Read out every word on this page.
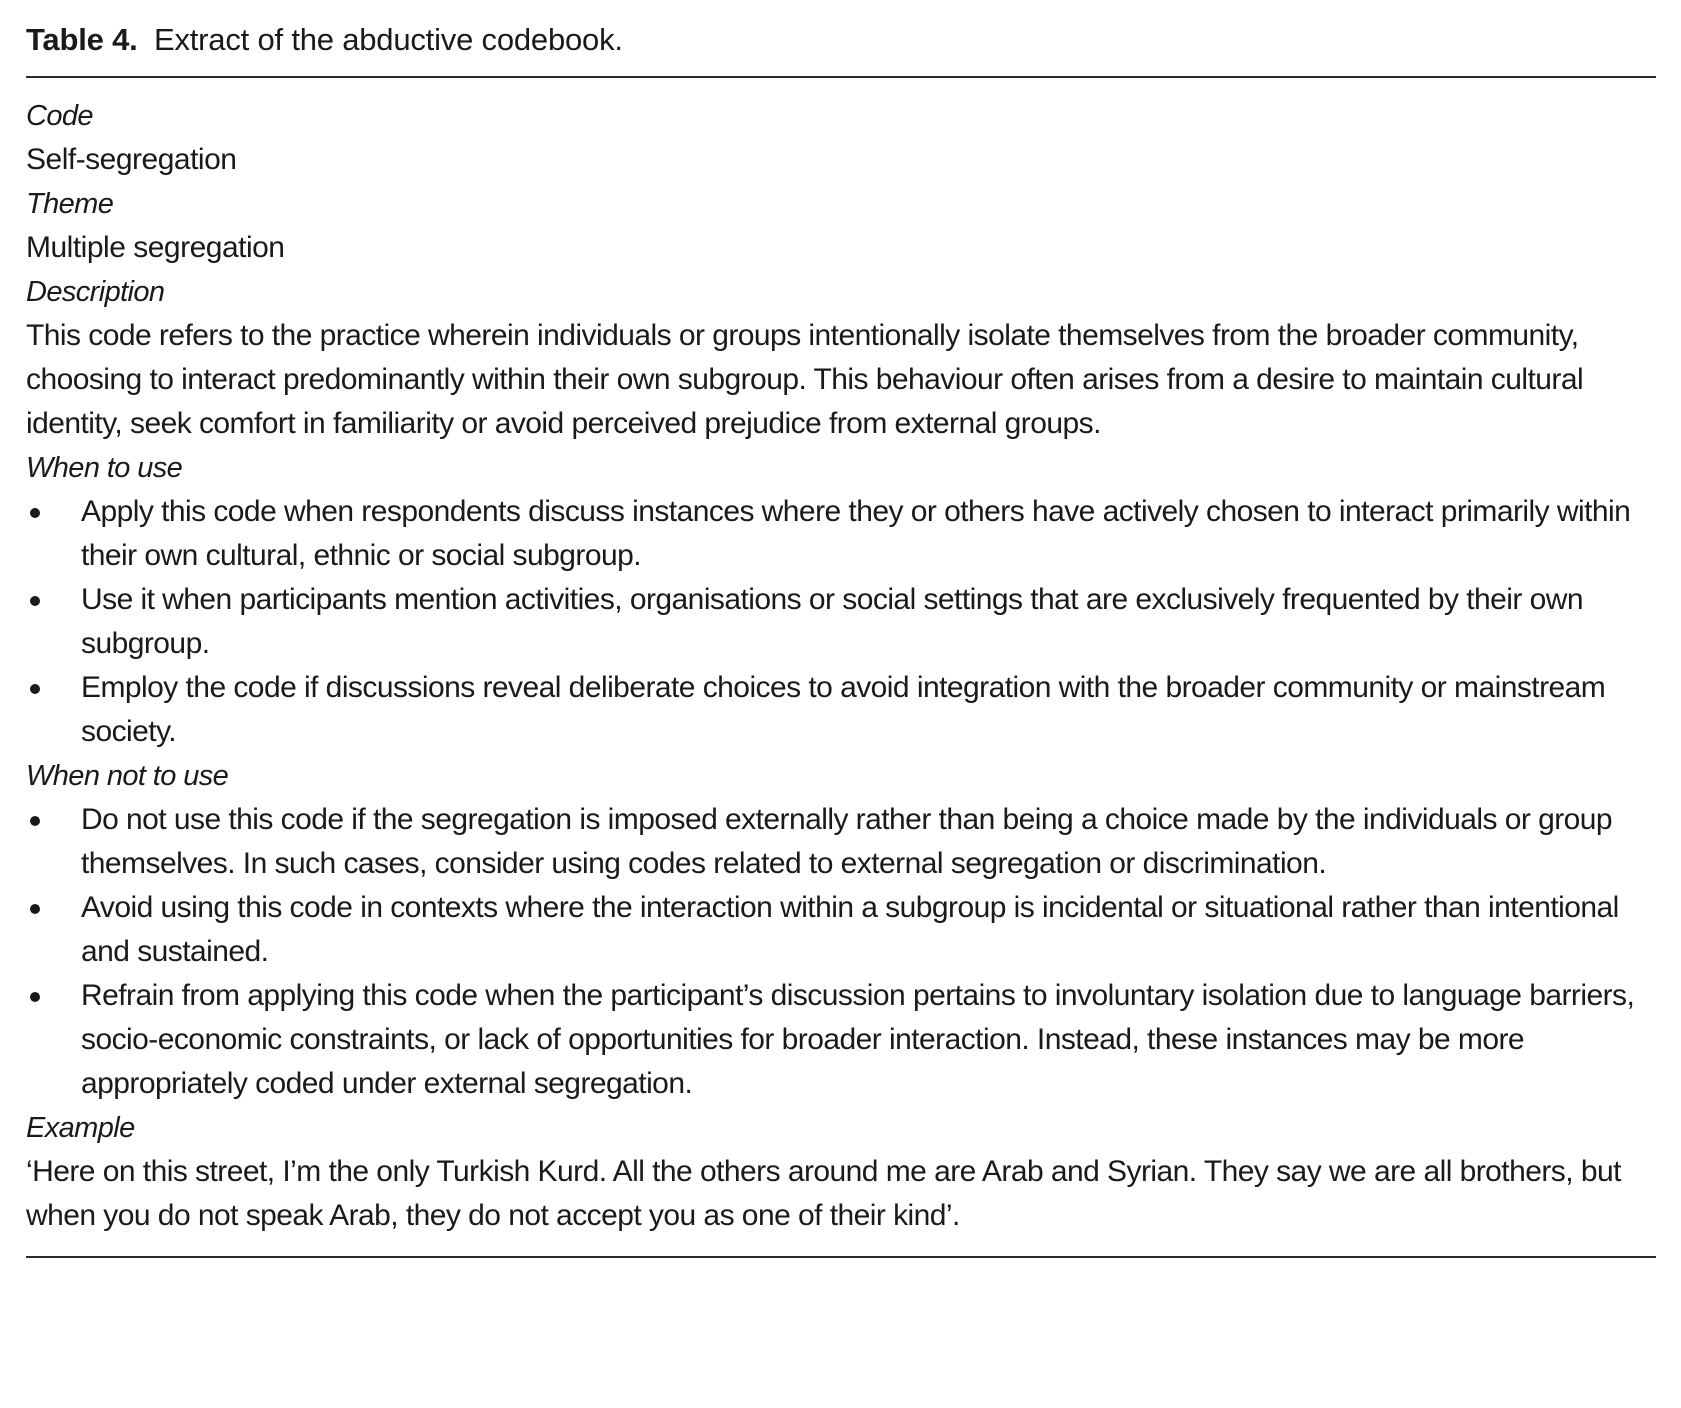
Table 4. Extract of the abductive codebook.
Code
Self-segregation
Theme
Multiple segregation
Description

This code refers to the practice wherein individuals or groups intentionally isolate themselves from the broader community, choosing to interact predominantly within their own subgroup. This behaviour often arises from a desire to maintain cultural identity, seek comfort in familiarity or avoid perceived prejudice from external groups.

When to use
Apply this code when respondents discuss instances where they or others have actively chosen to interact primarily within their own cultural, ethnic or social subgroup.
Use it when participants mention activities, organisations or social settings that are exclusively frequented by their own subgroup.
Employ the code if discussions reveal deliberate choices to avoid integration with the broader community or mainstream society.
When not to use
Do not use this code if the segregation is imposed externally rather than being a choice made by the individuals or group themselves. In such cases, consider using codes related to external segregation or discrimination.
Avoid using this code in contexts where the interaction within a subgroup is incidental or situational rather than intentional and sustained.
Refrain from applying this code when the participant’s discussion pertains to involuntary isolation due to language barriers, socio-economic constraints, or lack of opportunities for broader interaction. Instead, these instances may be more appropriately coded under external segregation.
Example

‘Here on this street, I’m the only Turkish Kurd. All the others around me are Arab and Syrian. They say we are all brothers, but when you do not speak Arab, they do not accept you as one of their kind’.
